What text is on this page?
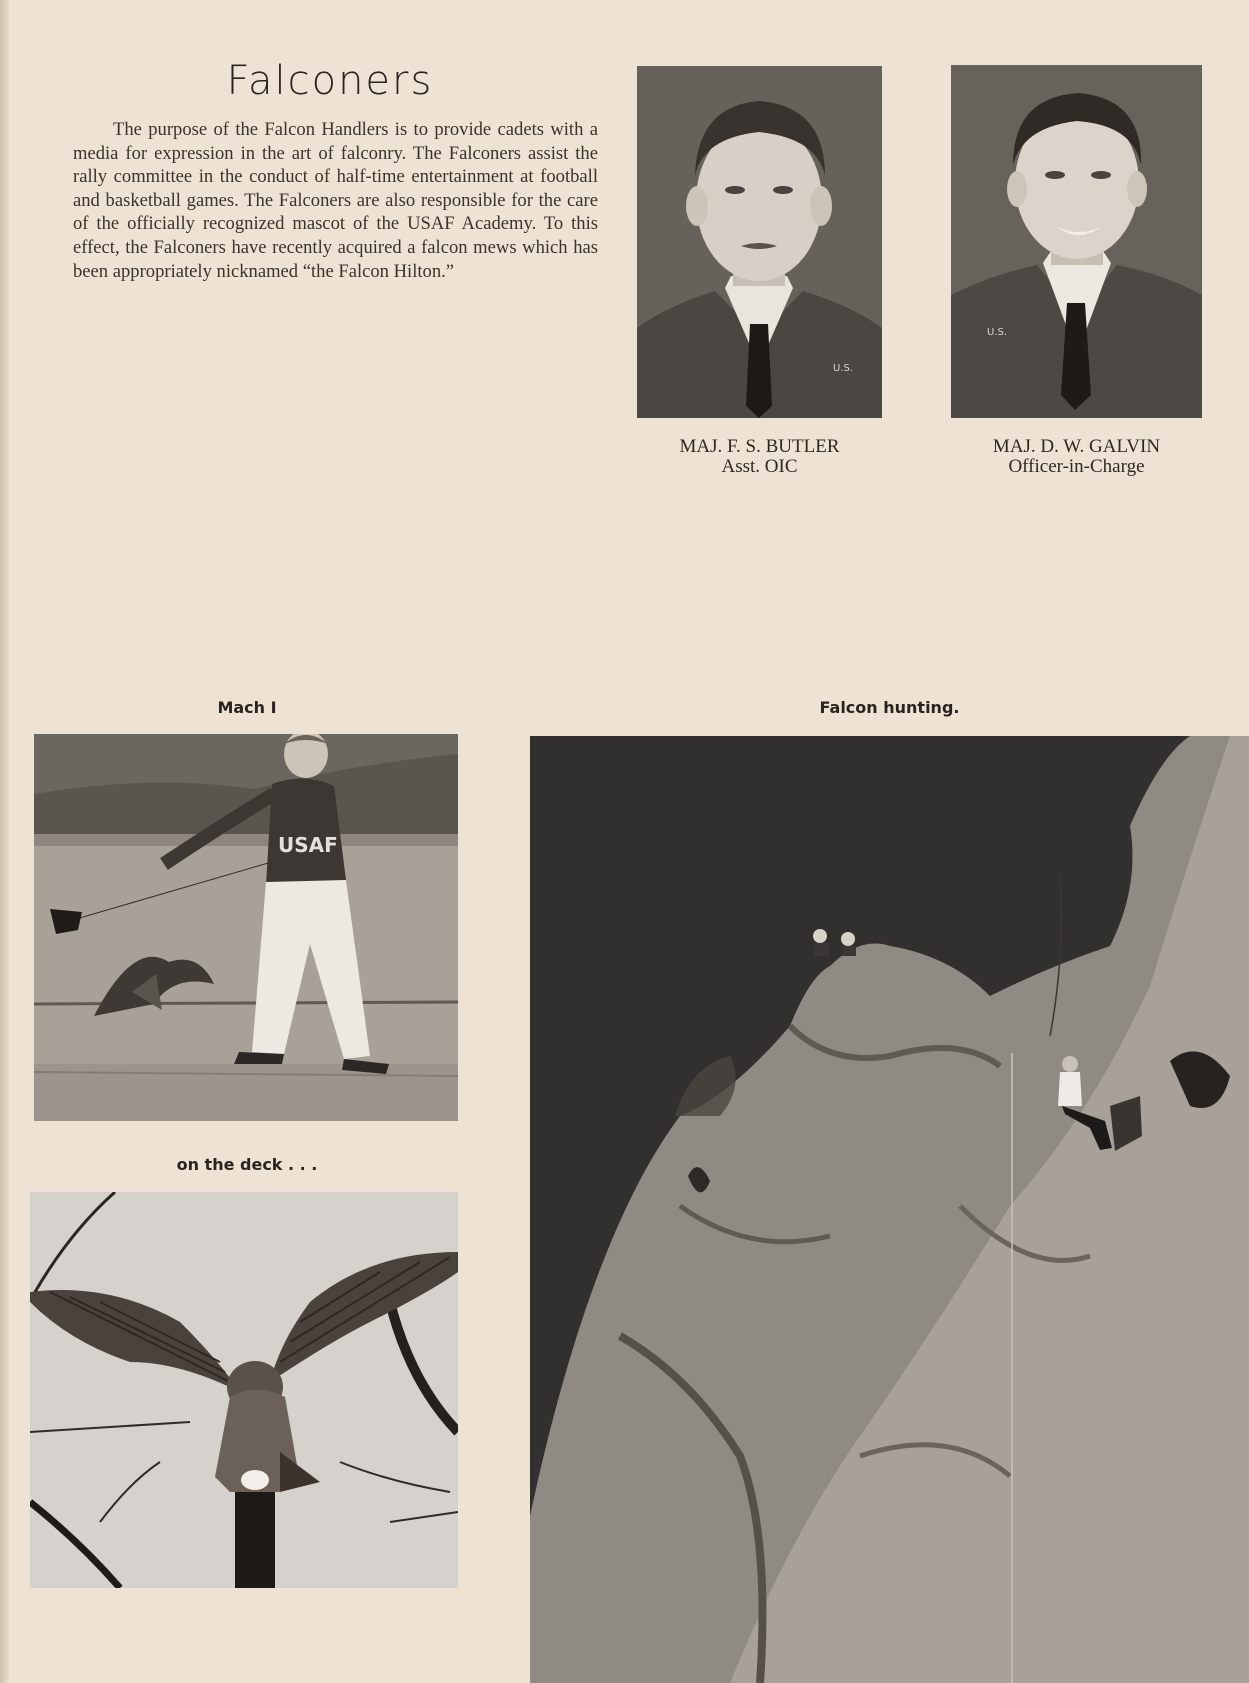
Falconers

The purpose of the Falcon Handlers is to provide cadets with a media for expression in the art of falconry. The Falconers assist the rally committee in the conduct of half-time entertainment at football and basketball games. The Falconers are also responsible for the care of the officially recognized mascot of the USAF Academy. To this effect, the Falconers have recently acquired a falcon mews which has been appropriately nicknamed “the Falcon Hilton.”

U.S.
MAJ. F. S. BUTLER
Asst. OIC
U.S.
MAJ. D. W. GALVIN
Officer-in-Charge
Mach I	Falcon hunting.
on the deck . . .
USAF
